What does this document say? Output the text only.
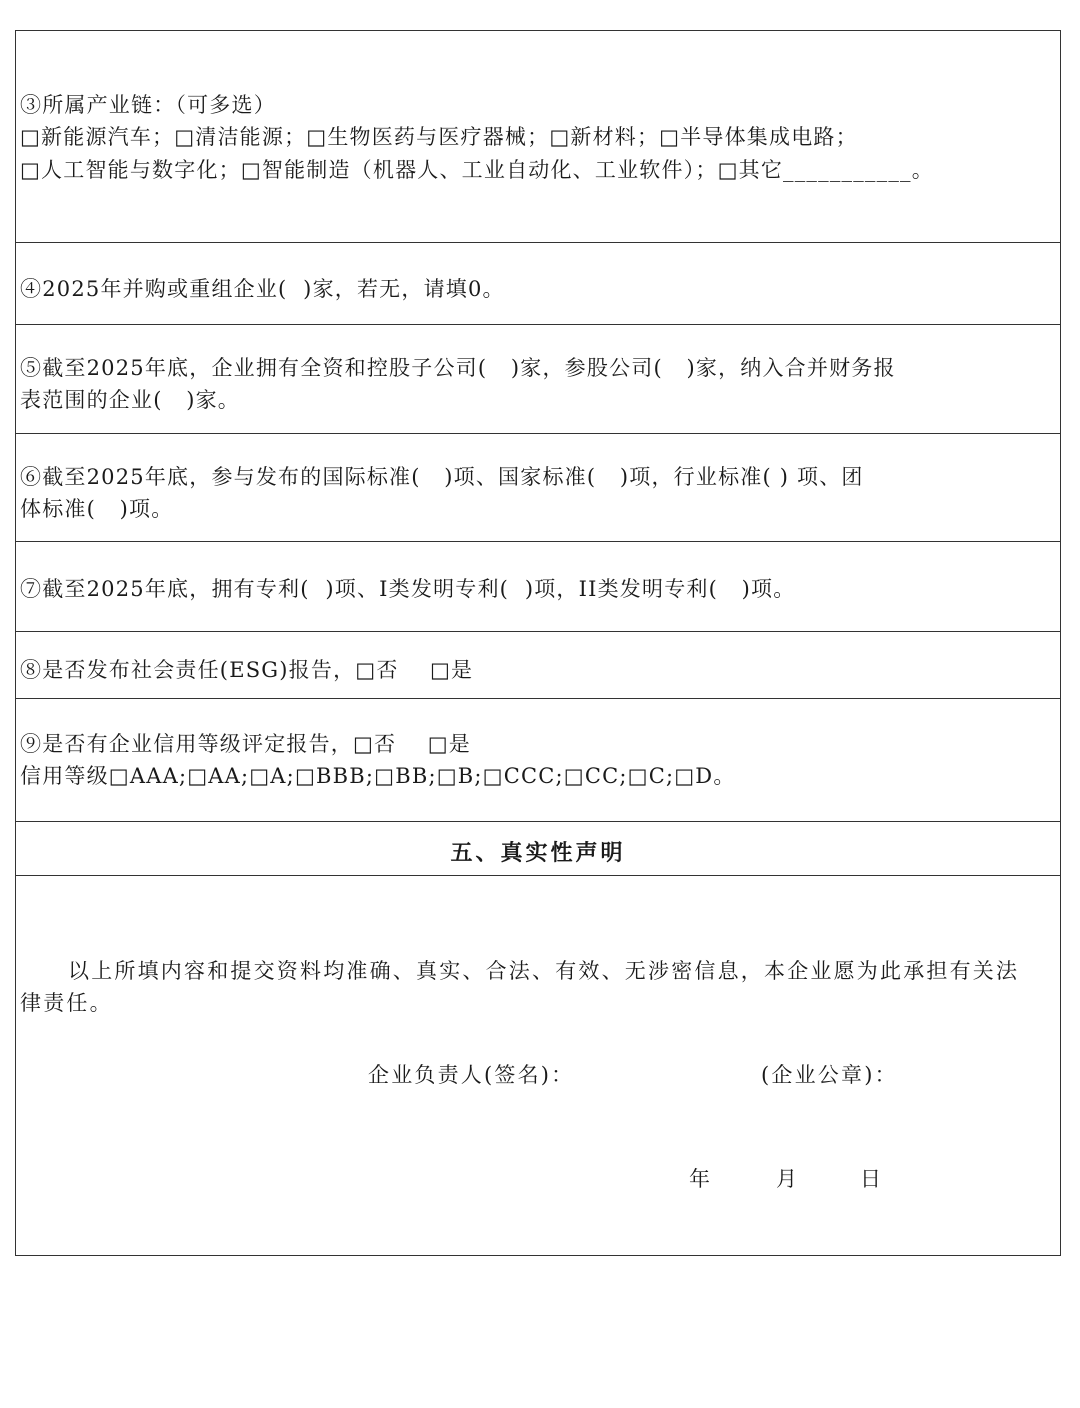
③所属产业链：（可多选）
□新能源汽车；□清洁能源；□生物医药与医疗器械；□新材料；□半导体集成电路；
□人工智能与数字化；□智能制造（机器人、工业自动化、工业软件）；□其它___________。
④2025年并购或重组企业(  )家，若无，请填0。
⑤截至2025年底，企业拥有全资和控股子公司(   )家，参股公司(   )家，纳入合并财务报
表范围的企业(   )家。
⑥截至2025年底，参与发布的国际标准(   )项、国家标准(   )项，行业标准( ) 项、团
体标准(   )项。
⑦截至2025年底，拥有专利(  )项、I类发明专利(  )项，II类发明专利(   )项。
⑧是否发布社会责任(ESG)报告，□否    □是
⑨是否有企业信用等级评定报告，□否    □是
信用等级□AAA;□AA;□A;□BBB;□BB;□B;□CCC;□CC;□C;□D。
五、真实性声明
以上所填内容和提交资料均准确、真实、合法、有效、无涉密信息，本企业愿为此承担有关法
律责任。
企业负责人(签名)：	(企业公章)：
年	月	日
